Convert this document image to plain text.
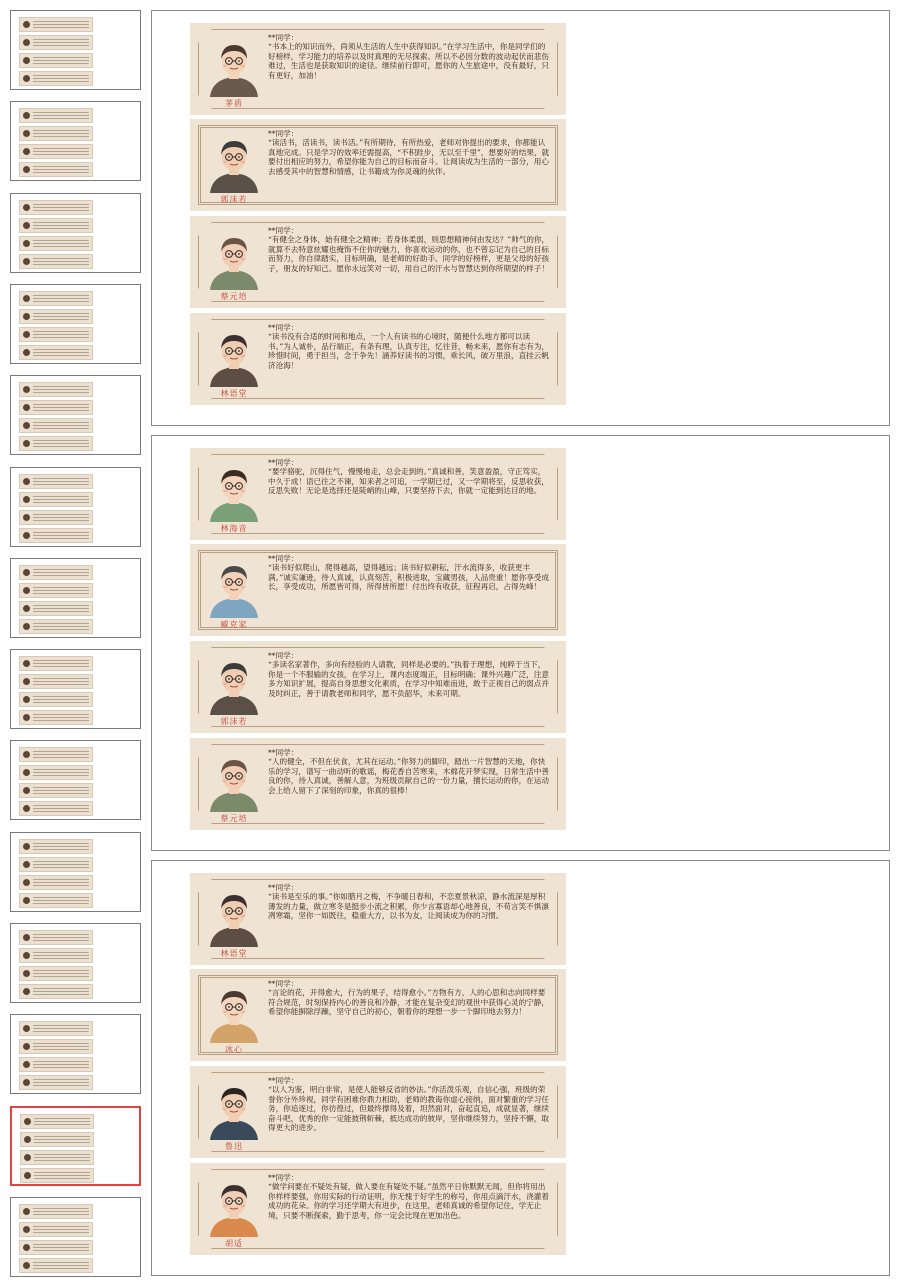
茅盾
**同学：
“书本上的知识而外，尚须从生活的人生中获得知识。”在学习生活中，你是同学们的好榜样，学习能力的培养以及时真理的无尽探索。所以不必因分数的波动起伏而悲伤难过，生活也是获取知识的途径。继续前行即可，愿你的人生旅途中，没有最好，只有更好，加油！
郭沫若
**同学：
“读活书，活读书，读书活。”有所期待，有所热爱，老师对你提出的要求，你都能认真地完成。只是学习的效率还需提高，“不积跬步，无以至千里”，想要好的结果，就要付出相应的努力，希望你能为自己的目标而奋斗。让阅读成为生活的一部分，用心去感受其中的智慧和情感，让书籍成为你灵魂的伙伴。
蔡元培
**同学：
“有健全之身体，始有健全之精神；若身体柔弱，则思想精神何由发达？”帅气的你，就算不去特意炫耀也掩饰不住你的魅力，你喜欢运动的你，也不曾忘记为自己的目标而努力，你自律踏实，目标明确，是老师的好助手、同学的好榜样，更是父母的好孩子，朋友的好知己。愿你永远笑对一切，用自己的汗水与智慧达到你所期望的样子！
林语堂
**同学：
“读书没有合适的时间和地点，一个人有读书的心境时，随便什么地方都可以读书。”为人诚朴，品行端正，有条有理，认真专注，忆往昔，畅未来，愿你有志有为，珍惜时间，勇于担当，念于争先！涵养好读书的习惯，乘长风，破万里浪，直挂云帆济沧海！
林海音
**同学：
“要学骆驼，沉得住气，慢慢地走，总会走到的。”真诚和善，笑意盈盈，守正笃实，中久于成！语已往之不谏，知来者之可追，一学期已过，又一学期将至，反思收获，反思失败！无论是选择还是陡峭的山峰，只要坚持下去，你就一定能到达目的地。
臧克家
**同学：
“读书好似爬山，爬得越高，望得越远；读书好似耕耘，汗水流得多，收获更丰满。”诚实谦逊，待人真诚，认真刻苦，积极进取，宝藏男孩，人品贵重！愿你享受成长，享受成功，所愿皆可得，所得皆所愿！付出终有收获，征程再启，占得先峰！
郭沫若
**同学：
“多读名家著作，多向有经验的人请教，同样是必要的。”执着于理想，纯粹于当下，你是一个不服输的女孩，在学习上，课内态度端正，目标明确；课外兴趣广泛，注意多方知识扩展，提高自身思想文化素质，在学习中知难而进，敢于正视自己的弱点并及时纠正，善于请教老师和同学，愿不负韶华，未来可期。
蔡元培
**同学：
“人的健全，不但在伏食，尤其在运动。”你努力的脚印，踏出一片智慧的天地，你快乐的学习，谱写一曲动听的歌谣，梅花香自苦寒来，木棉花开梦实现，日常生活中善良的你，待人真诚，善解人意，为班级贡献自己的一份力量，擅长运动的你，在运动会上给人留下了深刻的印象，你真的很棒！
林语堂
**同学：
“读书是至乐的事。”你如腊月之梅，不争暖日春和，不恋夏景秋凉，静水流深是厚积薄发的力量，做立寒冬是挺步小流之积累，你少言寡语却心地善良，不苟言笑不惧凛冽寒霜，坚你一如既往，稳重大方，以书为友，让阅读成为你的习惯。
冰心
**同学：
“言论的花，开得愈大，行为的果子，结得愈小。”方物有方，人的心思和志向同样要符合规范，时刻保持内心的善良和冷静，才能在复杂变幻的观世中获得心灵的宁静，希望你能摒除浮躁，坚守自己的初心，朝着你的理想一步一个脚印地去努力！
鲁迅
**同学：
“以人为鉴，明白非常，是使人能够反省的妙法。”你活泼乐观，自信心强，班级的荣誉你分外珍视，同学有困难你鼎力相助，老师的教诲你虚心接纳，面对繁重的学习任务，你追逐过，你彷徨过，但最终撑得及着，坦然面对，奋起直追，成就显著，继续奋斗吧，优秀的你一定能披荆斩棘，抵达成功的彼岸，坚你继续努力，坚持不懈，取得更大的进步。
胡适
**同学：
“做学问要在不疑处有疑，做人要在有疑处不疑。”虽然平日你默默无闻，但你将用出你样样要强，你用实际的行动证明，你无愧于好学生的称号，你用点滴汗水，浇灌着成功的花朵。你的学习还学期大有进步，在这里，老师真诚的希望你记住，学无止境，只要不断探索，勤于思考，你一定会比现在更加出色。
